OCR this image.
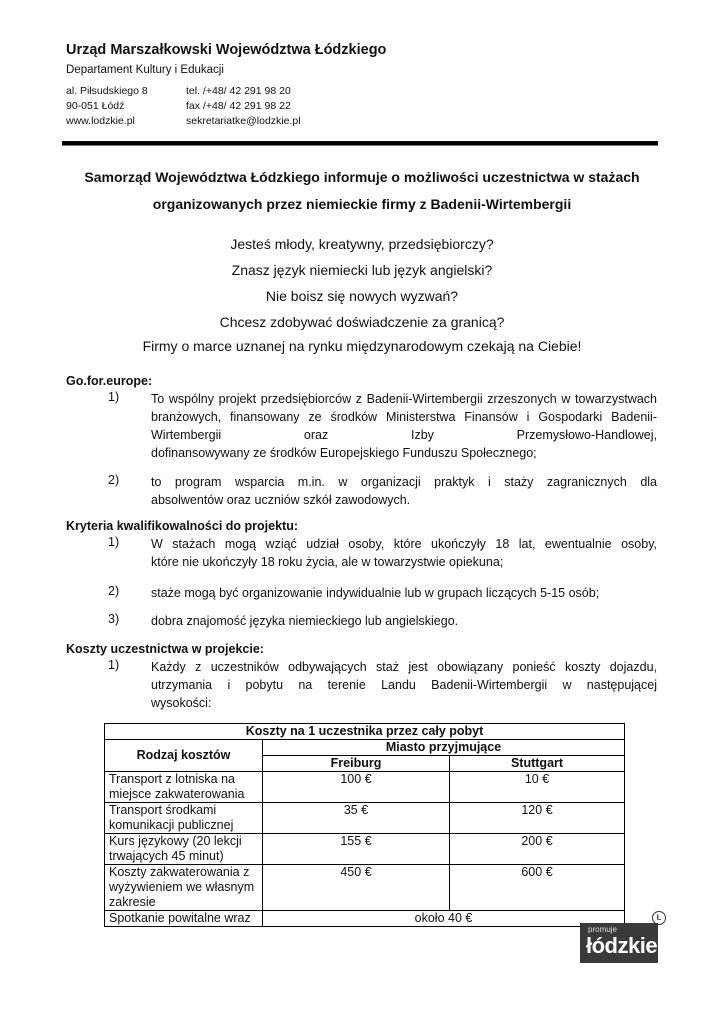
Urząd Marszałkowski Województwa Łódzkiego
Departament Kultury i Edukacji
al. Piłsudskiego 8
90-051 Łódź
www.lodzkie.pl
tel. /+48/ 42 291 98 20
fax /+48/ 42 291 98 22
sekretariatke@lodzkie.pl
Samorząd Województwa Łódzkiego informuje o możliwości uczestnictwa w stażach
organizowanych przez niemieckie firmy z Badenii-Wirtembergii
Jesteś młody, kreatywny, przedsiębiorczy?
Znasz język niemiecki lub język angielski?
Nie boisz się nowych wyzwań?
Chcesz zdobywać doświadczenie za granicą?
Firmy o marce uznanej na rynku międzynarodowym czekają na Ciebie!
Go.for.europe:
1)	To wspólny projekt przedsiębiorców z Badenii-Wirtembergii zrzeszonych w towarzystwach branżowych, finansowany ze środków Ministerstwa Finansów i Gospodarki Badenii-Wirtembergii oraz Izby Przemysłowo-Handlowej,
dofinansowywany ze środków Europejskiego Funduszu Społecznego;
2)	to program wsparcia m.in. w organizacji praktyk i staży zagranicznych dla
absolwentów oraz uczniów szkół zawodowych.
Kryteria kwalifikowalności do projektu:
1)	W stażach mogą wziąć udział osoby, które ukończyły 18 lat, ewentualnie osoby,
które nie ukończyły 18 roku życia, ale w towarzystwie opiekuna;
2)	staże mogą być organizowanie indywidualnie lub w grupach liczących 5-15 osób;
3)	dobra znajomość języka niemieckiego lub angielskiego.
Koszty uczestnictwa w projekcie:
1)	Każdy z uczestników odbywających staż jest obowiązany ponieść koszty dojazdu, utrzymania i pobytu na terenie Landu Badenii-Wirtembergii w następującej
wysokości:
Koszty na 1 uczestnika przez cały pobyt		
Rodzaj kosztów	Miasto przyjmujące	
	Freiburg	Stuttgart
Transport z lotniska na miejsce zakwaterowania	100 €	10 €
Transport środkami komunikacji publicznej	35 €	120 €
Kurs językowy (20 lekcji trwających 45 minut)	155 €	200 €
Koszty zakwaterowania z wyżywieniem we własnym zakresie	450 €	600 €
Spotkanie powitalne wraz	około 40 €	
promuje
łódzkie
Ł
